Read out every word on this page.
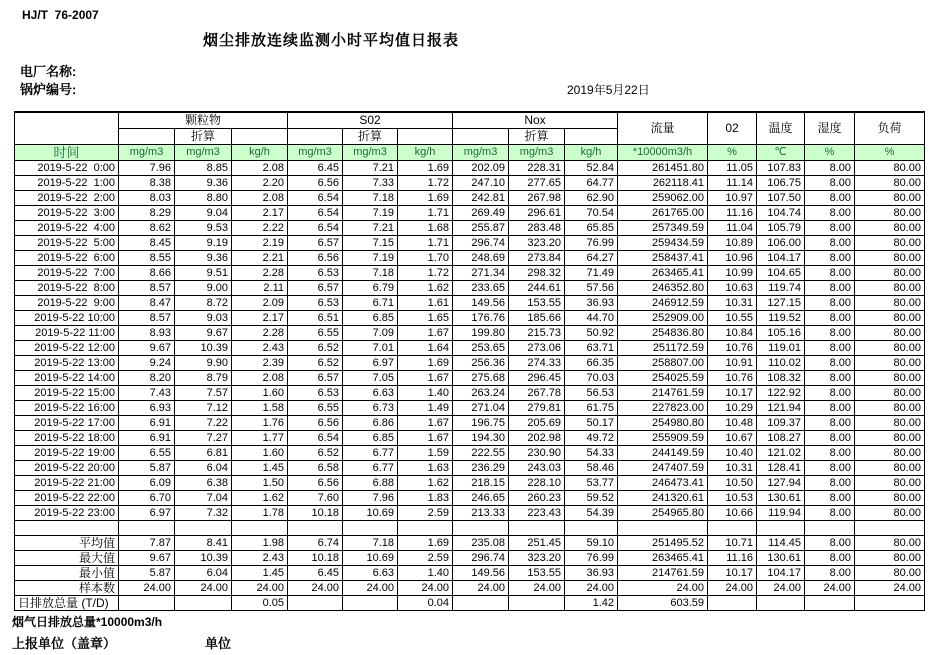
HJ/T  76-2007
烟尘排放连续监测小时平均值日报表
电厂名称:
锅炉编号:	2019年5月22日
	颗粒物			S02			Nox			流量	02	温度	湿度	负荷
		折算			折算			折算						
时间	mg/m3	mg/m3	kg/h	mg/m3	mg/m3	kg/h	mg/m3	mg/m3	kg/h	*10000m3/h	%	℃	%	%
2019-5-22  0:00	7.96	8.85	2.08	6.45	7.21	1.69	202.09	228.31	52.84	261451.80	11.05	107.83	8.00	80.00
2019-5-22  1:00	8.38	9.36	2.20	6.56	7.33	1.72	247.10	277.65	64.77	262118.41	11.14	106.75	8.00	80.00
2019-5-22  2:00	8.03	8.80	2.08	6.54	7.18	1.69	242.81	267.98	62.90	259062.00	10.97	107.50	8.00	80.00
2019-5-22  3:00	8.29	9.04	2.17	6.54	7.19	1.71	269.49	296.61	70.54	261765.00	11.16	104.74	8.00	80.00
2019-5-22  4:00	8.62	9.53	2.22	6.54	7.21	1.68	255.87	283.48	65.85	257349.59	11.04	105.79	8.00	80.00
2019-5-22  5:00	8.45	9.19	2.19	6.57	7.15	1.71	296.74	323.20	76.99	259434.59	10.89	106.00	8.00	80.00
2019-5-22  6:00	8.55	9.36	2.21	6.56	7.19	1.70	248.69	273.84	64.27	258437.41	10.96	104.17	8.00	80.00
2019-5-22  7:00	8.66	9.51	2.28	6.53	7.18	1.72	271.34	298.32	71.49	263465.41	10.99	104.65	8.00	80.00
2019-5-22  8:00	8.57	9.00	2.11	6.57	6.79	1.62	233.65	244.61	57.56	246352.80	10.63	119.74	8.00	80.00
2019-5-22  9:00	8.47	8.72	2.09	6.53	6.71	1.61	149.56	153.55	36.93	246912.59	10.31	127.15	8.00	80.00
2019-5-22 10:00	8.57	9.03	2.17	6.51	6.85	1.65	176.76	185.66	44.70	252909.00	10.55	119.52	8.00	80.00
2019-5-22 11:00	8.93	9.67	2.28	6.55	7.09	1.67	199.80	215.73	50.92	254836.80	10.84	105.16	8.00	80.00
2019-5-22 12:00	9.67	10.39	2.43	6.52	7.01	1.64	253.65	273.06	63.71	251172.59	10.76	119.01	8.00	80.00
2019-5-22 13:00	9.24	9.90	2.39	6.52	6.97	1.69	256.36	274.33	66.35	258807.00	10.91	110.02	8.00	80.00
2019-5-22 14:00	8.20	8.79	2.08	6.57	7.05	1.67	275.68	296.45	70.03	254025.59	10.76	108.32	8.00	80.00
2019-5-22 15:00	7.43	7.57	1.60	6.53	6.63	1.40	263.24	267.78	56.53	214761.59	10.17	122.92	8.00	80.00
2019-5-22 16:00	6.93	7.12	1.58	6.55	6.73	1.49	271.04	279.81	61.75	227823.00	10.29	121.94	8.00	80.00
2019-5-22 17:00	6.91	7.22	1.76	6.56	6.86	1.67	196.75	205.69	50.17	254980.80	10.48	109.37	8.00	80.00
2019-5-22 18:00	6.91	7.27	1.77	6.54	6.85	1.67	194.30	202.98	49.72	255909.59	10.67	108.27	8.00	80.00
2019-5-22 19:00	6.55	6.81	1.60	6.52	6.77	1.59	222.55	230.90	54.33	244149.59	10.40	121.02	8.00	80.00
2019-5-22 20:00	5.87	6.04	1.45	6.58	6.77	1.63	236.29	243.03	58.46	247407.59	10.31	128.41	8.00	80.00
2019-5-22 21:00	6.09	6.38	1.50	6.56	6.88	1.62	218.15	228.10	53.77	246473.41	10.50	127.94	8.00	80.00
2019-5-22 22:00	6.70	7.04	1.62	7.60	7.96	1.83	246.65	260.23	59.52	241320.61	10.53	130.61	8.00	80.00
2019-5-22 23:00	6.97	7.32	1.78	10.18	10.69	2.59	213.33	223.43	54.39	254965.80	10.66	119.94	8.00	80.00

平均值	7.87	8.41	1.98	6.74	7.18	1.69	235.08	251.45	59.10	251495.52	10.71	114.45	8.00	80.00
最大值	9.67	10.39	2.43	10.18	10.69	2.59	296.74	323.20	76.99	263465.41	11.16	130.61	8.00	80.00
最小值	5.87	6.04	1.45	6.45	6.63	1.40	149.56	153.55	36.93	214761.59	10.17	104.17	8.00	80.00
样本数	24.00	24.00	24.00	24.00	24.00	24.00	24.00	24.00	24.00	24.00	24.00	24.00	24.00	24.00
日排放总量 (T/D)			0.05			0.04			1.42	603.59				
烟气日排放总量*10000m3/h
上报单位（盖章）	单位
